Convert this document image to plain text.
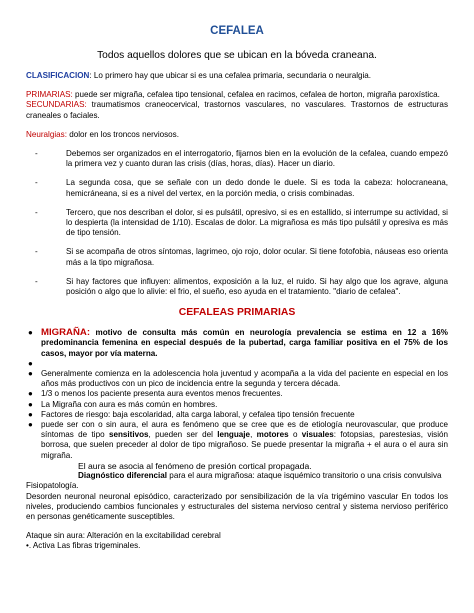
CEFALEA
Todos aquellos dolores que se ubican en la bóveda craneana.

CLASIFICACION: Lo primero hay que ubicar si es una cefalea primaria, secundaria o neuralgia.

PRIMARIAS: puede ser migraña, cefalea tipo tensional, cefalea en racimos, cefalea de horton, migraña paroxística.

SECUNDARIAS: traumatismos craneocervical, trastornos vasculares, no vasculares. Trastornos de estructuras craneales o faciales.

Neuralgias: dolor en los troncos nerviosos.

-	Debemos ser organizados en el interrogatorio, fijarnos bien en la evolución de la cefalea, cuando empezó la primera vez y cuanto duran las crisis (días, horas, días). Hacer un diario.
-	La segunda cosa, que se señale con un dedo donde le duele. Si es toda la cabeza: holocraneana, hemicráneana, si es a nivel del vertex, en la porción media, o crisis combinadas.
-	Tercero, que nos describan el dolor, si es pulsátil, opresivo, si es en estallido, si interrumpe su actividad, si lo despierta (la intensidad de 1/10). Escalas de dolor. La migrañosa es más tipo pulsátil y opresiva es más de tipo tensión.
-	Si se acompaña de otros síntomas, lagrimeo, ojo rojo, dolor ocular. Si tiene fotofobia, náuseas eso orienta más a la tipo migrañosa.
-	Si hay factores que influyen: alimentos, exposición a la luz, el ruido. Si hay algo que los agrave, alguna posición o algo que lo alivie: el frio, el sueño, eso ayuda en el tratamiento. "diario de cefalea".
CEFALEAS PRIMARIAS
● MIGRAÑA: motivo de consulta más común en neurología prevalencia se estima en 12 a 16% predominancia femenina en especial después de la pubertad, carga familiar positiva en el 75% de los casos, mayor por vía materna.
●

● Generalmente comienza en la adolescencia hola juventud y acompaña a la vida del paciente en especial en los años más productivos con un pico de incidencia entre la segunda y tercera década.
● 1/3 o menos los paciente presenta aura eventos menos frecuentes.
● La Migraña con aura es más común en hombres.
● Factores de riesgo: baja escolaridad, alta carga laboral, y cefalea tipo tensión frecuente
● puede ser con o sin aura, el aura es fenómeno que se cree que es de etiología neurovascular, que produce síntomas de tipo sensitivos, pueden ser del lenguaje, motores o visuales: fotopsias, parestesias, visión borrosa, que suelen preceder al dolor de tipo migrañoso. Se puede presentar la migraña + el aura o el aura sin migraña.
El aura se asocia al fenómeno de presión cortical propagada.
Diagnóstico diferencial para el aura migrañosa: ataque isquémico transitorio o una crisis convulsiva

Fisiopatología.

Desorden neuronal neuronal episódico, caracterizado por sensibilización de la vía trigémino vascular En todos los niveles, produciendo cambios funcionales y estructurales del sistema nervioso central y sistema nervioso periférico en personas genéticamente susceptibles.

Ataque sin aura: Alteración en la excitabilidad cerebral

•. Activa Las fibras trigeminales.
